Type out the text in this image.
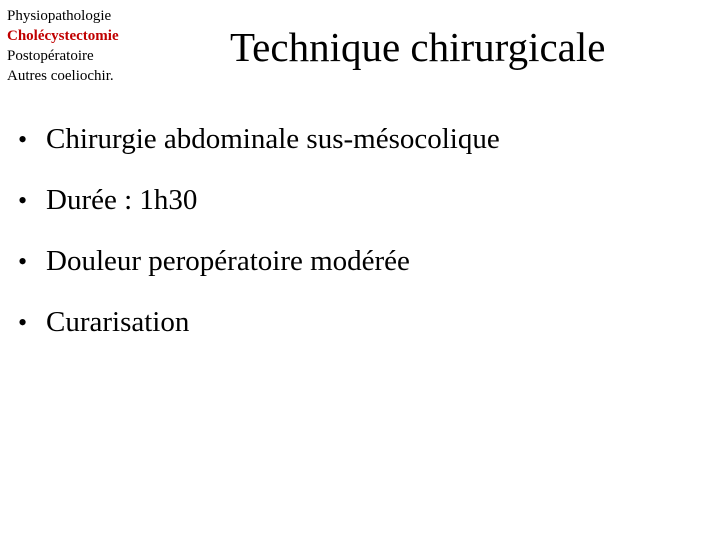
Physiopathologie
Cholécystectomie
Postopératoire
Autres coeliochir.
Technique chirurgicale
• Chirurgie abdominale sus-mésocolique
• Durée : 1h30
• Douleur peropératoire modérée
• Curarisation
